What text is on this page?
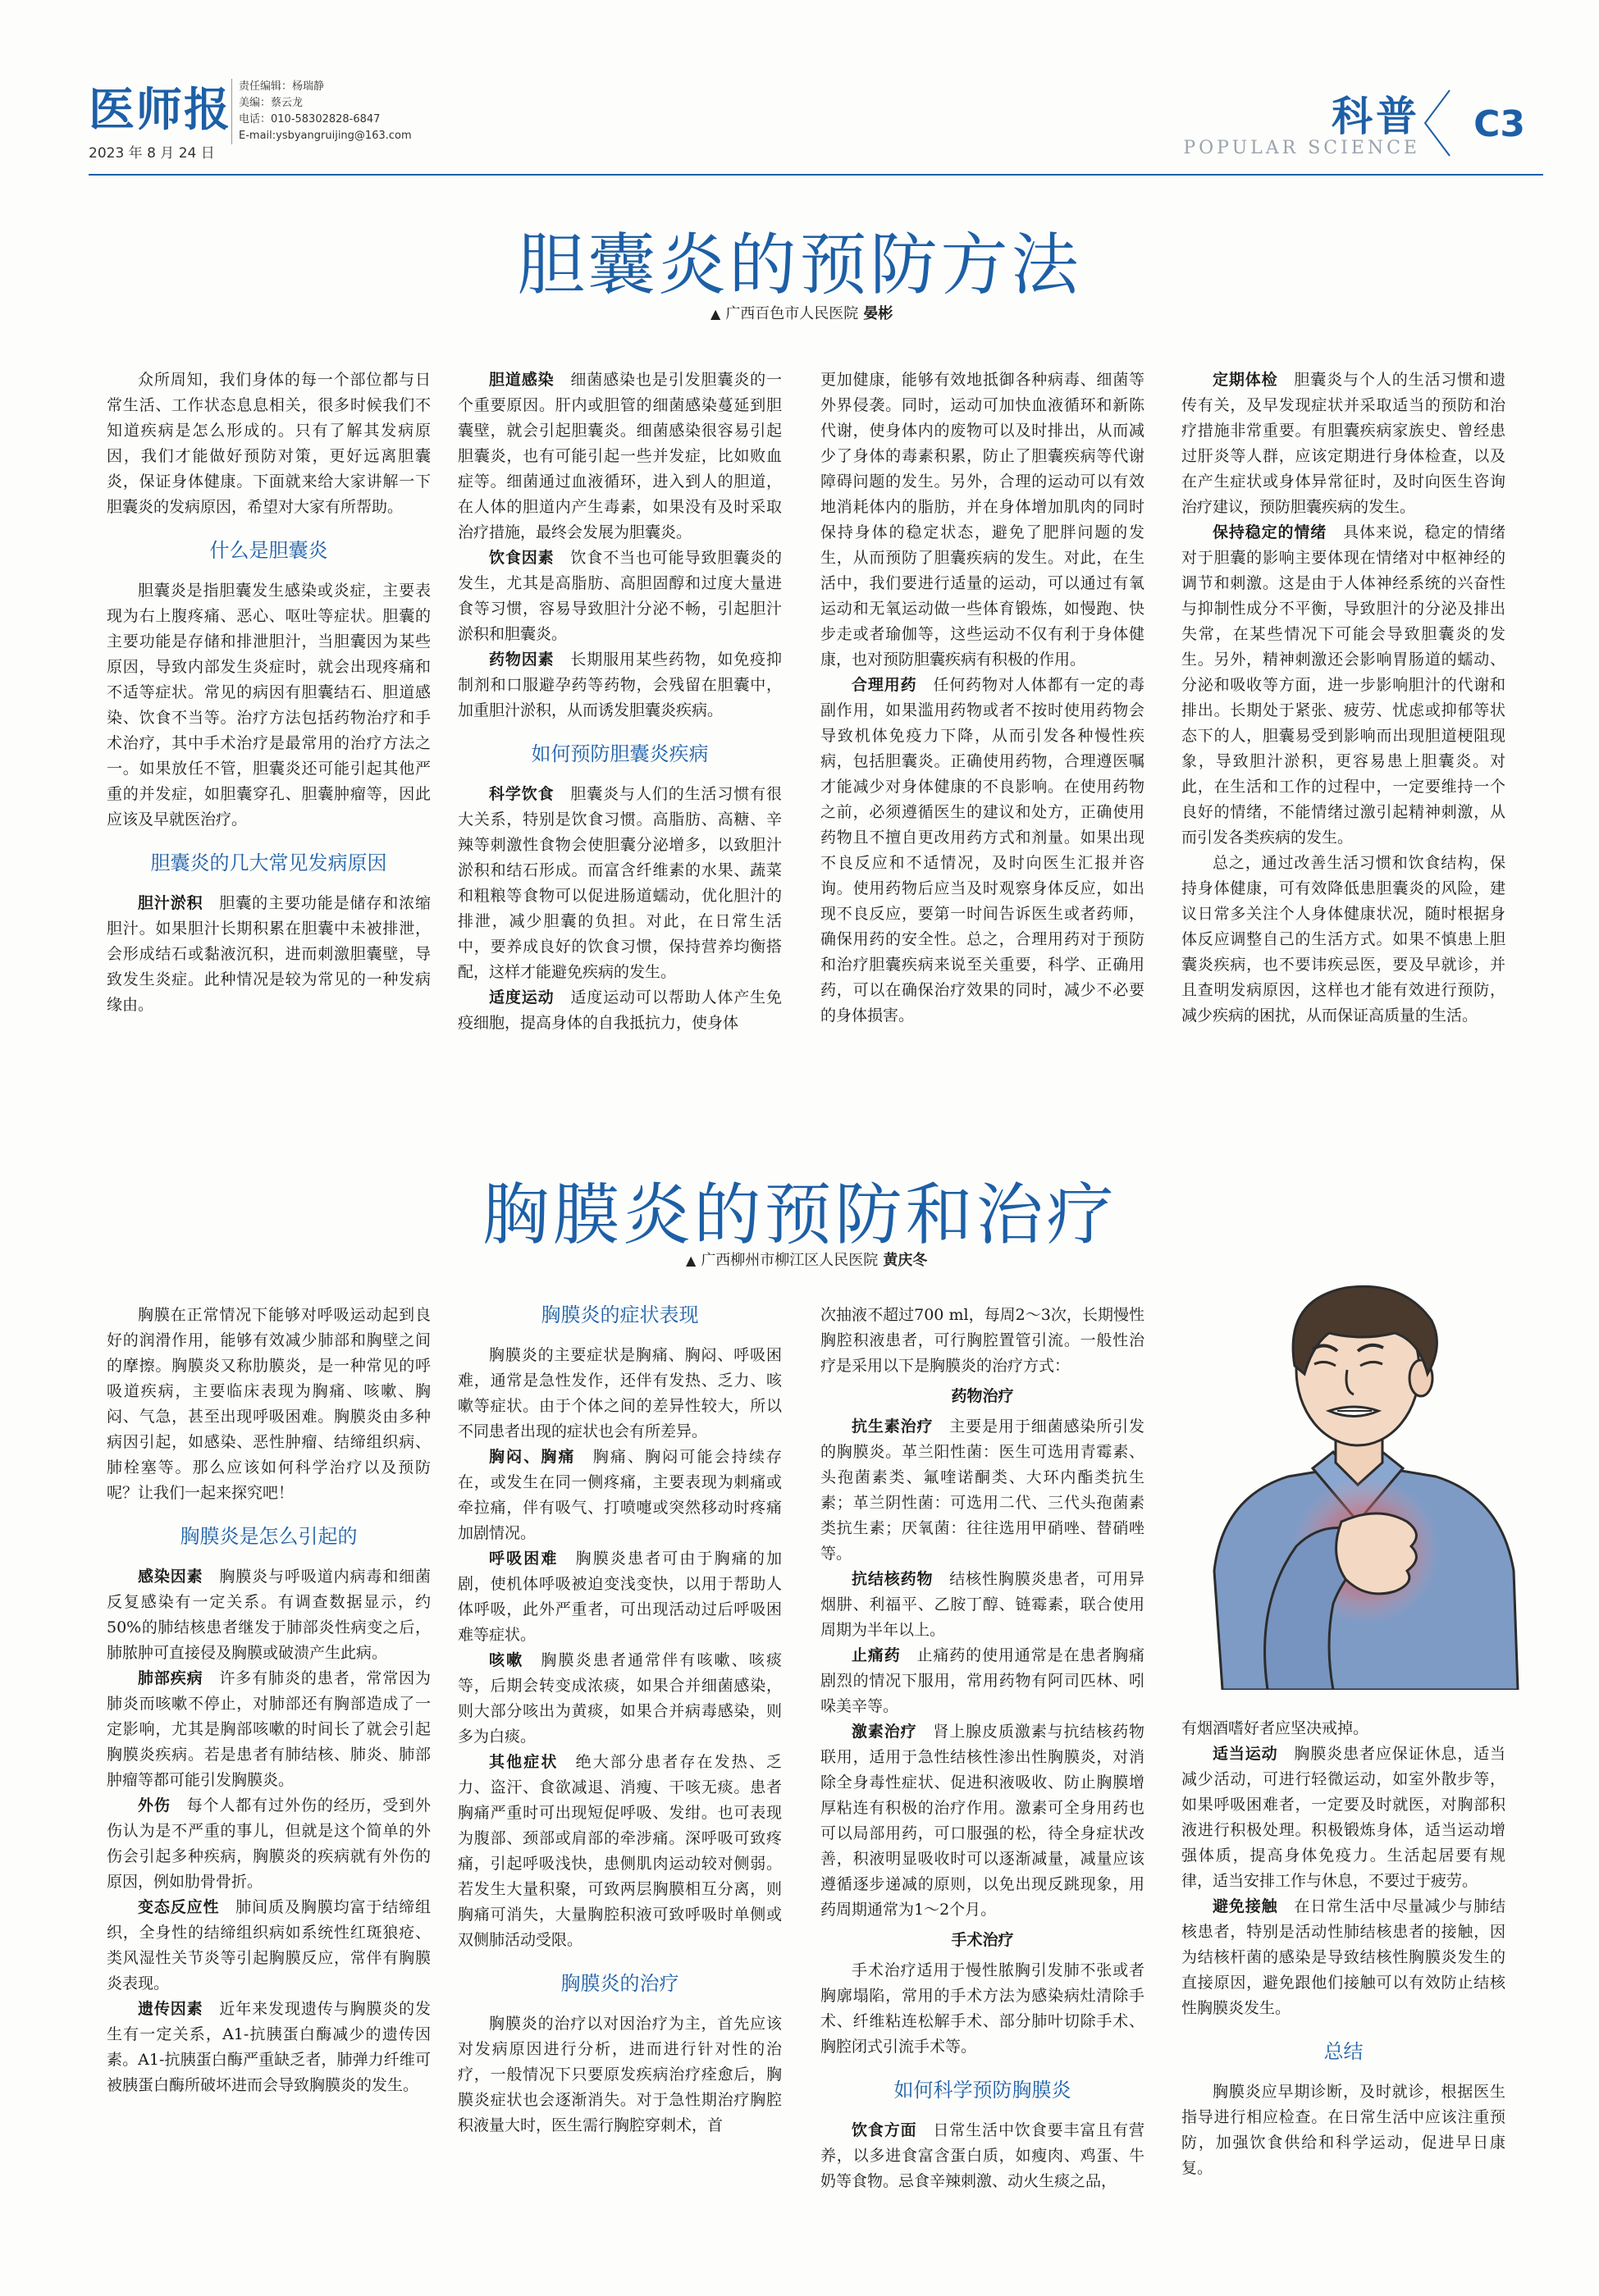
医师报
2023 年 8 月 24 日
责任编辑：杨瑞静
美编：蔡云龙
电话：010-58302828-6847
E-mail:ysbyangruijing@163.com	科普
POPULAR SCIENCE
C3
胆囊炎的预防方法
▲ 广西百色市人民医院 晏彬

众所周知，我们身体的每一个部位都与日常生活、工作状态息息相关，很多时候我们不知道疾病是怎么形成的。只有了解其发病原因，我们才能做好预防对策，更好远离胆囊炎，保证身体健康。下面就来给大家讲解一下胆囊炎的发病原因，希望对大家有所帮助。

什么是胆囊炎

胆囊炎是指胆囊发生感染或炎症，主要表现为右上腹疼痛、恶心、呕吐等症状。胆囊的主要功能是存储和排泄胆汁，当胆囊因为某些原因，导致内部发生炎症时，就会出现疼痛和不适等症状。常见的病因有胆囊结石、胆道感染、饮食不当等。治疗方法包括药物治疗和手术治疗，其中手术治疗是最常用的治疗方法之一。如果放任不管，胆囊炎还可能引起其他严重的并发症，如胆囊穿孔、胆囊肿瘤等，因此应该及早就医治疗。

胆囊炎的几大常见发病原因

胆汁淤积　 胆囊的主要功能是储存和浓缩胆汁。如果胆汁长期积累在胆囊中未被排泄，会形成结石或黏液沉积，进而刺激胆囊壁，导致发生炎症。此种情况是较为常见的一种发病缘由。

胆道感染　 细菌感染也是引发胆囊炎的一个重要原因。肝内或胆管的细菌感染蔓延到胆囊壁，就会引起胆囊炎。细菌感染很容易引起胆囊炎，也有可能引起一些并发症，比如败血症等。细菌通过血液循环，进入到人的胆道，在人体的胆道内产生毒素，如果没有及时采取治疗措施，最终会发展为胆囊炎。

饮食因素　 饮食不当也可能导致胆囊炎的发生，尤其是高脂肪、高胆固醇和过度大量进食等习惯，容易导致胆汁分泌不畅，引起胆汁淤积和胆囊炎。

药物因素　 长期服用某些药物，如免疫抑制剂和口服避孕药等药物，会残留在胆囊中，加重胆汁淤积，从而诱发胆囊炎疾病。

如何预防胆囊炎疾病

科学饮食　 胆囊炎与人们的生活习惯有很大关系，特别是饮食习惯。高脂肪、高糖、辛辣等刺激性食物会使胆囊分泌增多，以致胆汁淤积和结石形成。而富含纤维素的水果、蔬菜和粗粮等食物可以促进肠道蠕动，优化胆汁的排泄，减少胆囊的负担。对此，在日常生活中，要养成良好的饮食习惯，保持营养均衡搭配，这样才能避免疾病的发生。

适度运动　 适度运动可以帮助人体产生免疫细胞，提高身体的自我抵抗力，使身体

更加健康，能够有效地抵御各种病毒、细菌等外界侵袭。同时，运动可加快血液循环和新陈代谢，使身体内的废物可以及时排出，从而减少了身体的毒素积累，防止了胆囊疾病等代谢障碍问题的发生。另外，合理的运动可以有效地消耗体内的脂肪，并在身体增加肌肉的同时保持身体的稳定状态，避免了肥胖问题的发生，从而预防了胆囊疾病的发生。对此，在生活中，我们要进行适量的运动，可以通过有氧运动和无氧运动做一些体育锻炼，如慢跑、快步走或者瑜伽等，这些运动不仅有利于身体健康，也对预防胆囊疾病有积极的作用。

合理用药　 任何药物对人体都有一定的毒副作用，如果滥用药物或者不按时使用药物会导致机体免疫力下降，从而引发各种慢性疾病，包括胆囊炎。正确使用药物，合理遵医嘱才能减少对身体健康的不良影响。在使用药物之前，必须遵循医生的建议和处方，正确使用药物且不擅自更改用药方式和剂量。如果出现不良反应和不适情况，及时向医生汇报并咨询。使用药物后应当及时观察身体反应，如出现不良反应，要第一时间告诉医生或者药师，确保用药的安全性。总之，合理用药对于预防和治疗胆囊疾病来说至关重要，科学、正确用药，可以在确保治疗效果的同时，减少不必要的身体损害。

定期体检　 胆囊炎与个人的生活习惯和遗传有关，及早发现症状并采取适当的预防和治疗措施非常重要。有胆囊疾病家族史、曾经患过肝炎等人群，应该定期进行身体检查，以及在产生症状或身体异常征时，及时向医生咨询治疗建议，预防胆囊疾病的发生。

保持稳定的情绪　 具体来说，稳定的情绪对于胆囊的影响主要体现在情绪对中枢神经的调节和刺激。这是由于人体神经系统的兴奋性与抑制性成分不平衡，导致胆汁的分泌及排出失常，在某些情况下可能会导致胆囊炎的发生。另外，精神刺激还会影响胃肠道的蠕动、分泌和吸收等方面，进一步影响胆汁的代谢和排出。长期处于紧张、疲劳、忧虑或抑郁等状态下的人，胆囊易受到影响而出现胆道梗阻现象，导致胆汁淤积，更容易患上胆囊炎。对此，在生活和工作的过程中，一定要维持一个良好的情绪，不能情绪过激引起精神刺激，从而引发各类疾病的发生。

总之，通过改善生活习惯和饮食结构，保持身体健康，可有效降低患胆囊炎的风险，建议日常多关注个人身体健康状况，随时根据身体反应调整自己的生活方式。如果不慎患上胆囊炎疾病，也不要讳疾忌医，要及早就诊，并且查明发病原因，这样也才能有效进行预防，减少疾病的困扰，从而保证高质量的生活。

胸膜炎的预防和治疗
▲ 广西柳州市柳江区人民医院 黄庆冬

胸膜在正常情况下能够对呼吸运动起到良好的润滑作用，能够有效减少肺部和胸壁之间的摩擦。胸膜炎又称肋膜炎，是一种常见的呼吸道疾病，主要临床表现为胸痛、咳嗽、胸闷、气急，甚至出现呼吸困难。胸膜炎由多种病因引起，如感染、恶性肿瘤、结缔组织病、肺栓塞等。那么应该如何科学治疗以及预防呢？让我们一起来探究吧！

胸膜炎是怎么引起的

感染因素　 胸膜炎与呼吸道内病毒和细菌反复感染有一定关系。有调查数据显示，约50%的肺结核患者继发于肺部炎性病变之后，肺脓肿可直接侵及胸膜或破溃产生此病。

肺部疾病　 许多有肺炎的患者，常常因为肺炎而咳嗽不停止，对肺部还有胸部造成了一定影响，尤其是胸部咳嗽的时间长了就会引起胸膜炎疾病。若是患者有肺结核、肺炎、肺部肿瘤等都可能引发胸膜炎。

外伤　 每个人都有过外伤的经历，受到外伤认为是不严重的事儿，但就是这个简单的外伤会引起多种疾病，胸膜炎的疾病就有外伤的原因，例如肋骨骨折。

变态反应性　 肺间质及胸膜均富于结缔组织，全身性的结缔组织病如系统性红斑狼疮、类风湿性关节炎等引起胸膜反应，常伴有胸膜炎表现。

遗传因素　 近年来发现遗传与胸膜炎的发生有一定关系，A1-抗胰蛋白酶减少的遗传因素。A1-抗胰蛋白酶严重缺乏者，肺弹力纤维可被胰蛋白酶所破坏进而会导致胸膜炎的发生。

胸膜炎的症状表现

胸膜炎的主要症状是胸痛、胸闷、呼吸困难，通常是急性发作，还伴有发热、乏力、咳嗽等症状。由于个体之间的差异性较大，所以不同患者出现的症状也会有所差异。

胸闷、胸痛　 胸痛、胸闷可能会持续存在，或发生在同一侧疼痛，主要表现为刺痛或牵拉痛，伴有吸气、打喷嚏或突然移动时疼痛加剧情况。

呼吸困难　 胸膜炎患者可由于胸痛的加剧，使机体呼吸被迫变浅变快，以用于帮助人体呼吸，此外严重者，可出现活动过后呼吸困难等症状。

咳嗽　 胸膜炎患者通常伴有咳嗽、咳痰等，后期会转变成浓痰，如果合并细菌感染，则大部分咳出为黄痰，如果合并病毒感染，则多为白痰。

其他症状　 绝大部分患者存在发热、乏力、盗汗、食欲减退、消瘦、干咳无痰。患者胸痛严重时可出现短促呼吸、发绀。也可表现为腹部、颈部或肩部的牵涉痛。深呼吸可致疼痛，引起呼吸浅快，患侧肌肉运动较对侧弱。若发生大量积聚，可致两层胸膜相互分离，则胸痛可消失，大量胸腔积液可致呼吸时单侧或双侧肺活动受限。

胸膜炎的治疗

胸膜炎的治疗以对因治疗为主，首先应该对发病原因进行分析，进而进行针对性的治疗，一般情况下只要原发疾病治疗痊愈后，胸膜炎症状也会逐渐消失。对于急性期治疗胸腔积液量大时，医生需行胸腔穿刺术，首

次抽液不超过700 ml，每周2～3次，长期慢性胸腔积液患者，可行胸腔置管引流。一般性治疗是采用以下是胸膜炎的治疗方式：

药物治疗

抗生素治疗　 主要是用于细菌感染所引发的胸膜炎。革兰阳性菌：医生可选用青霉素、头孢菌素类、氟喹诺酮类、大环内酯类抗生素；革兰阴性菌：可选用二代、三代头孢菌素类抗生素；厌氧菌：往往选用甲硝唑、替硝唑等。

抗结核药物　 结核性胸膜炎患者，可用异烟肼、利福平、乙胺丁醇、链霉素，联合使用周期为半年以上。

止痛药　 止痛药的使用通常是在患者胸痛剧烈的情况下服用，常用药物有阿司匹林、吲哚美辛等。

激素治疗　 肾上腺皮质激素与抗结核药物联用，适用于急性结核性渗出性胸膜炎，对消除全身毒性症状、促进积液吸收、防止胸膜增厚粘连有积极的治疗作用。激素可全身用药也可以局部用药，可口服强的松，待全身症状改善，积液明显吸收时可以逐渐减量，减量应该遵循逐步递减的原则，以免出现反跳现象，用药周期通常为1～2个月。

手术治疗

手术治疗适用于慢性脓胸引发肺不张或者胸廓塌陷，常用的手术方法为感染病灶清除手术、纤维粘连松解手术、部分肺叶切除手术、胸腔闭式引流手术等。

如何科学预防胸膜炎

饮食方面　 日常生活中饮食要丰富且有营养，以多进食富含蛋白质，如瘦肉、鸡蛋、牛奶等食物。忌食辛辣刺激、动火生痰之品，

有烟酒嗜好者应坚决戒掉。

适当运动　 胸膜炎患者应保证休息，适当减少活动，可进行轻微运动，如室外散步等，如果呼吸困难者，一定要及时就医，对胸部积液进行积极处理。积极锻炼身体，适当运动增强体质，提高身体免疫力。生活起居要有规律，适当安排工作与休息，不要过于疲劳。

避免接触　 在日常生活中尽量减少与肺结核患者，特别是活动性肺结核患者的接触，因为结核杆菌的感染是导致结核性胸膜炎发生的直接原因，避免跟他们接触可以有效防止结核性胸膜炎发生。

总结

胸膜炎应早期诊断，及时就诊，根据医生指导进行相应检查。在日常生活中应该注重预防，加强饮食供给和科学运动，促进早日康复。
